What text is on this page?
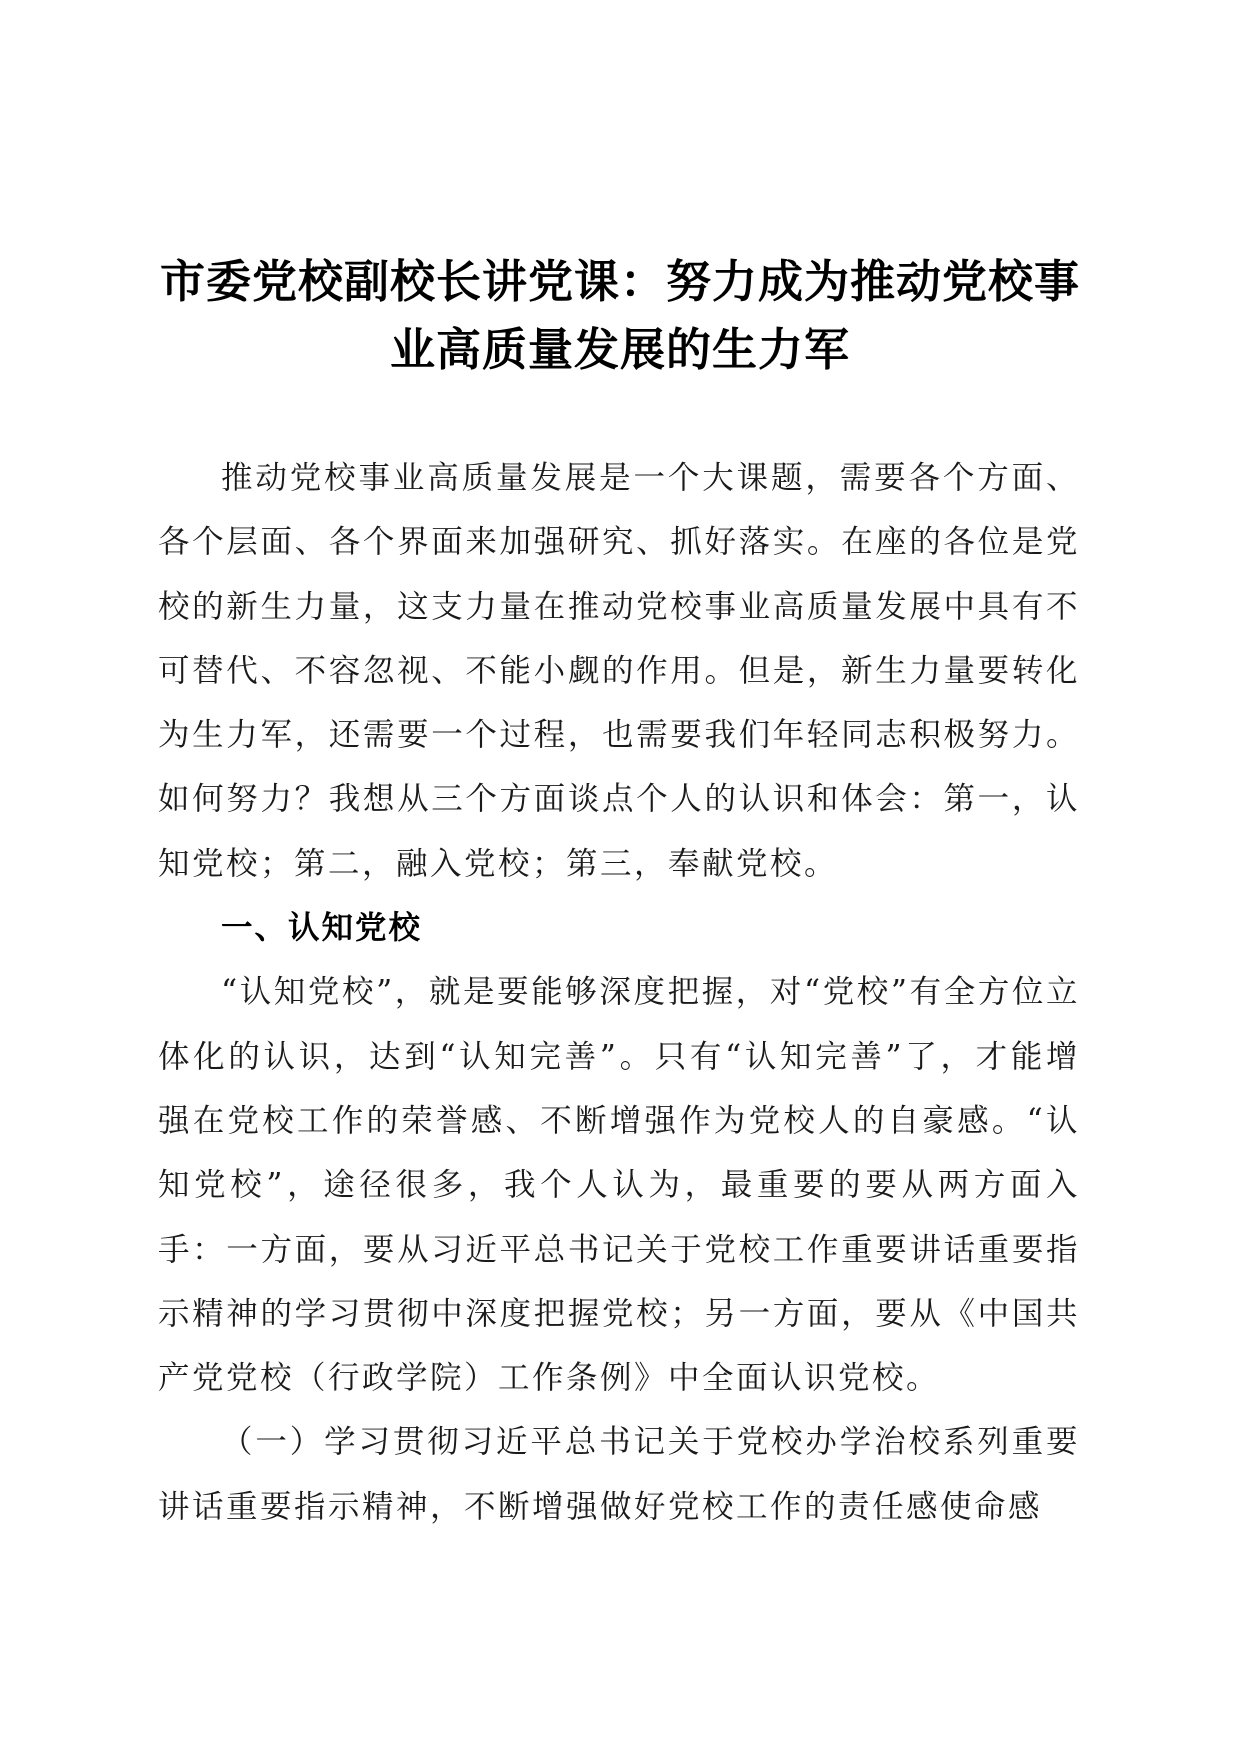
市委党校副校长讲党课：努力成为推动党校事业高质量发展的生力军

推动党校事业高质量发展是一个大课题，需要各个方面、各个层面、各个界面来加强研究、抓好落实。在座的各位是党校的新生力量，这支力量在推动党校事业高质量发展中具有不可替代、不容忽视、不能小觑的作用。但是，新生力量要转化为生力军，还需要一个过程，也需要我们年轻同志积极努力。如何努力？我想从三个方面谈点个人的认识和体会：第一，认知党校；第二，融入党校；第三，奉献党校。

一、认知党校

“认知党校”，就是要能够深度把握，对“党校”有全方位立体化的认识，达到“认知完善”。只有“认知完善”了，才能增强在党校工作的荣誉感、不断增强作为党校人的自豪感。“认知党校”，途径很多，我个人认为，最重要的要从两方面入手：一方面，要从习近平总书记关于党校工作重要讲话重要指示精神的学习贯彻中深度把握党校；另一方面，要从《中国共产党党校（行政学院）工作条例》中全面认识党校。

（一）学习贯彻习近平总书记关于党校办学治校系列重要讲话重要指示精神，不断增强做好党校工作的责任感使命感
